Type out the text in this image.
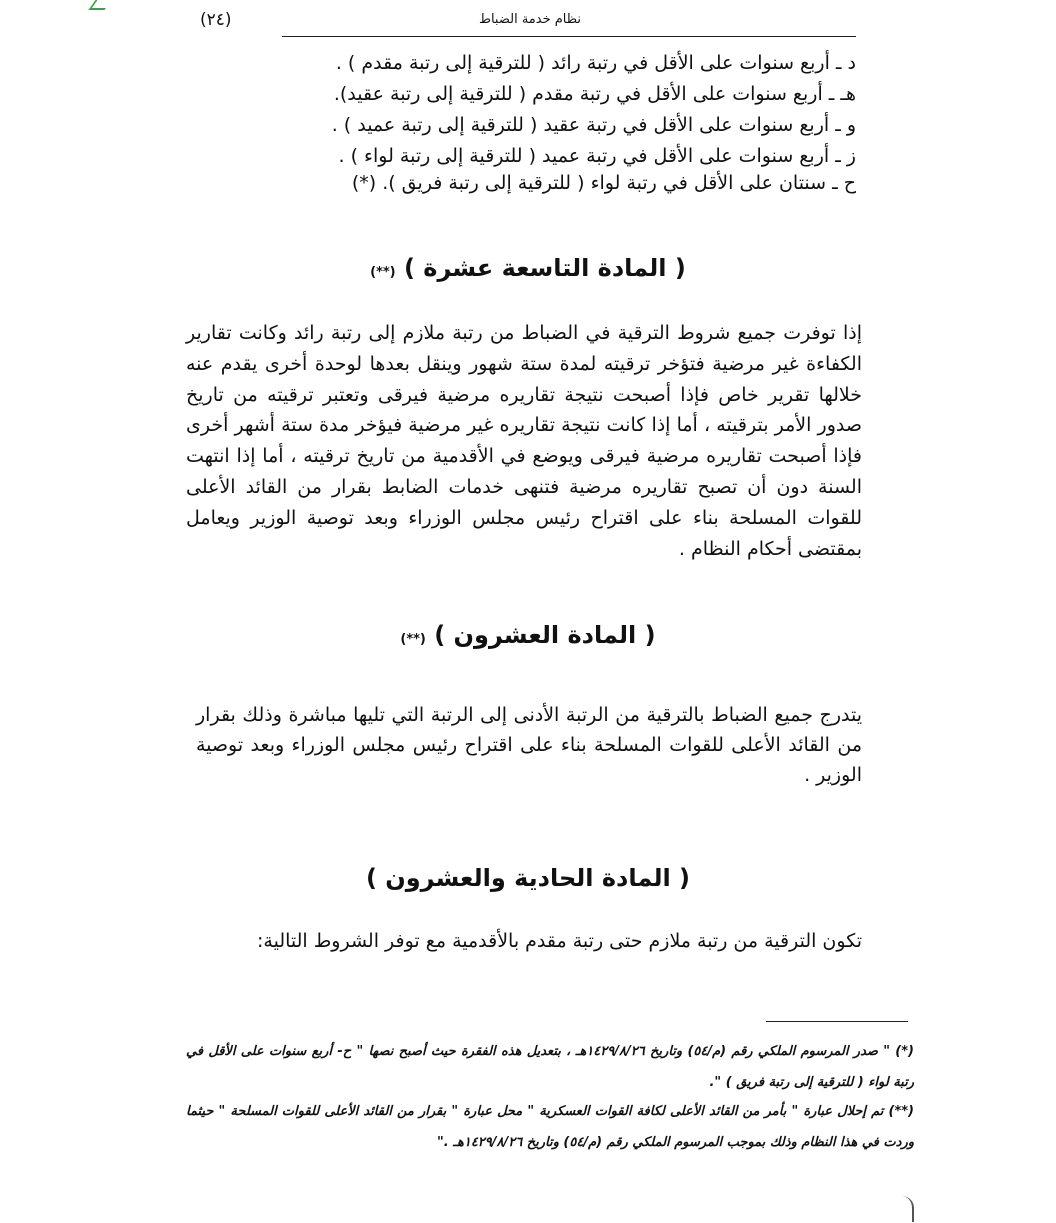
(٢٤)	نظام خدمة الضباط
د ـ أربع سنوات على الأقل في رتبة رائد ( للترقية إلى رتبة مقدم ) .
هـ ـ أربع سنوات على الأقل في رتبة مقدم ( للترقية إلى رتبة عقيد).
و ـ أربع سنوات على الأقل في رتبة عقيد ( للترقية إلى رتبة عميد ) .
ز ـ أربع سنوات على الأقل في رتبة عميد ( للترقية إلى رتبة لواء ) .
ح ـ سنتان على الأقل في رتبة لواء ( للترقية إلى رتبة فريق ). (*)
( المادة التاسعة عشرة ) (**)
إذا توفرت جميع شروط الترقية في الضباط من رتبة ملازم إلى رتبة رائد وكانت تقارير الكفاءة غير مرضية فتؤخر ترقيته لمدة ستة شهور وينقل بعدها لوحدة أخرى يقدم عنه خلالها تقرير خاص فإذا أصبحت نتيجة تقاريره مرضية فيرقى وتعتبر ترقيته من تاريخ صدور الأمر بترقيته ، أما إذا كانت نتيجة تقاريره غير مرضية فيؤخر مدة ستة أشهر أخرى فإذا أصبحت تقاريره مرضية فيرقى ويوضع في الأقدمية من تاريخ ترقيته ، أما إذا انتهت السنة دون أن تصبح تقاريره مرضية فتنهى خدمات الضابط بقرار من القائد الأعلى للقوات المسلحة بناء على اقتراح رئيس مجلس الوزراء وبعد توصية الوزير ويعامل بمقتضى أحكام النظام .
( المادة العشرون ) (**)
يتدرج جميع الضباط بالترقية من الرتبة الأدنى إلى الرتبة التي تليها مباشرة وذلك بقرار من القائد الأعلى للقوات المسلحة بناء على اقتراح رئيس مجلس الوزراء وبعد توصية الوزير .
( المادة الحادية والعشرون )
تكون الترقية من رتبة ملازم حتى رتبة مقدم بالأقدمية مع توفر الشروط التالية:
(*) " صدر المرسوم الملكي رقم (م/٥٤) وتاريخ ١٤٢٩/٨/٢٦هـ ، بتعديل هذه الفقرة حيث أصبح نصها " ح- أربع سنوات على الأقل في رتبة لواء ( للترقية إلى رتبة فريق ) ".
(**) تم إحلال عبارة " بأمر من القائد الأعلى لكافة القوات العسكرية " محل عبارة " بقرار من القائد الأعلى للقوات المسلحة " حيثما وردت في هذا النظام وذلك بموجب المرسوم الملكي رقم (م/٥٤) وتاريخ ١٤٢٩/٨/٢٦هـ ."
